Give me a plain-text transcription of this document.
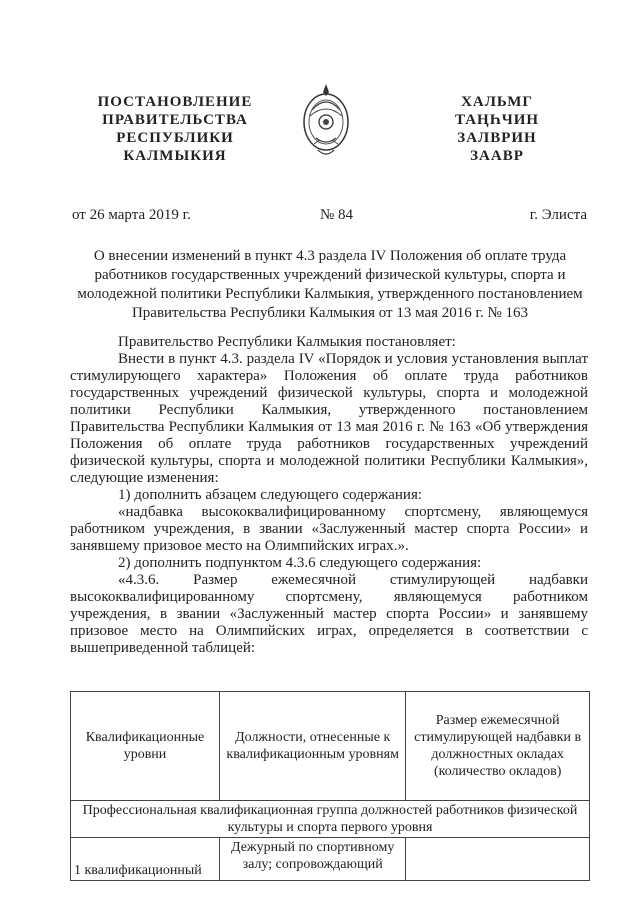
ПОСТАНОВЛЕНИЕ
ПРАВИТЕЛЬСТВА
РЕСПУБЛИКИ
КАЛМЫКИЯ
ХАЛЬМГ
ТАҢҺЧИН
ЗАЛВРИН
ЗААВР
от 26 марта 2019 г.	№ 84	г. Элиста

О внесении изменений в пункт 4.3 раздела IV Положения об оплате труда работников государственных учреждений физической культуры, спорта и молодежной политики Республики Калмыкия, утвержденного постановлением Правительства Республики Калмыкия от 13 мая 2016 г. № 163

Правительство Республики Калмыкия постановляет:

Внести в пункт 4.3. раздела IV «Порядок и условия установления выплат стимулирующего характера» Положения об оплате труда работников государственных учреждений физической культуры, спорта и молодежной политики Республики Калмыкия, утвержденного постановлением Правительства Республики Калмыкия от 13 мая 2016 г. № 163 «Об утверждения Положения об оплате труда работников государственных учреждений физической культуры, спорта и молодежной политики Республики Калмыкия», следующие изменения:

1) дополнить абзацем следующего содержания:

«надбавка высококвалифицированному спортсмену, являющемуся работником учреждения, в звании «Заслуженный мастер спорта России» и занявшему призовое место на Олимпийских играх.».

2) дополнить подпунктом 4.3.6 следующего содержания:

«4.3.6. Размер ежемесячной стимулирующей надбавки высококвалифицированному спортсмену, являющемуся работником учреждения, в звании «Заслуженный мастер спорта России» и занявшему призовое место на Олимпийских играх, определяется в соответствии с вышеприведенной таблицей:

Квалификационные уровни	Должности, отнесенные к квалификационным уровням	Размер ежемесячной стимулирующей надбавки в должностных окладах (количество окладов)
Профессиональная квалификационная группа должностей работников физической культуры и спорта первого уровня		
1 квалификационный	Дежурный по спортивному залу; сопровождающий	
